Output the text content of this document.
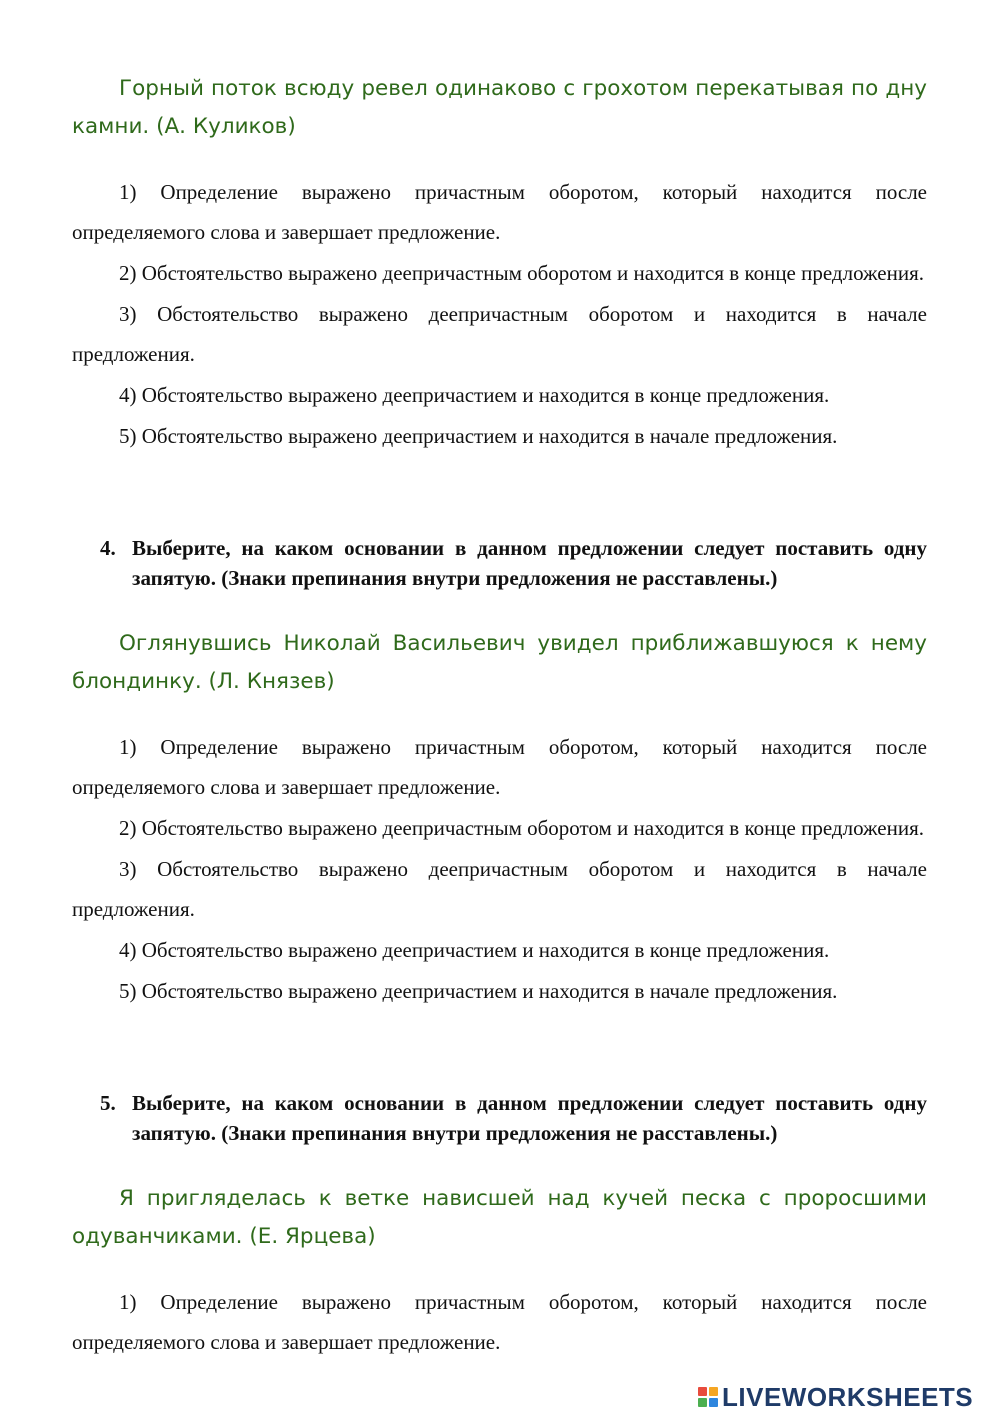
Горный поток всюду ревел одинаково с грохотом перекатывая по дну камни. (А. Куликов)

1) Определение выражено причастным оборотом, который находится после определяемого слова и завершает предложение.

2) Обстоятельство выражено деепричастным оборотом и находится в конце предложения.

3) Обстоятельство выражено деепричастным оборотом и находится в начале предложения.

4) Обстоятельство выражено деепричастием и находится в конце предложения.

5) Обстоятельство выражено деепричастием и находится в начале предложения.

4. Выберите, на каком основании в данном предложении следует поставить одну запятую. (Знаки препинания внутри предложения не расставлены.)

Оглянувшись Николай Васильевич увидел приближавшуюся к нему блондинку. (Л. Князев)

1) Определение выражено причастным оборотом, который находится после определяемого слова и завершает предложение.

2) Обстоятельство выражено деепричастным оборотом и находится в конце предложения.

3) Обстоятельство выражено деепричастным оборотом и находится в начале предложения.

4) Обстоятельство выражено деепричастием и находится в конце предложения.

5) Обстоятельство выражено деепричастием и находится в начале предложения.

5. Выберите, на каком основании в данном предложении следует поставить одну запятую. (Знаки препинания внутри предложения не расставлены.)

Я пригляделась к ветке нависшей над кучей песка с проросшими одуванчиками. (Е. Ярцева)

1) Определение выражено причастным оборотом, который находится после определяемого слова и завершает предложение.

LIVEWORKSHEETS
